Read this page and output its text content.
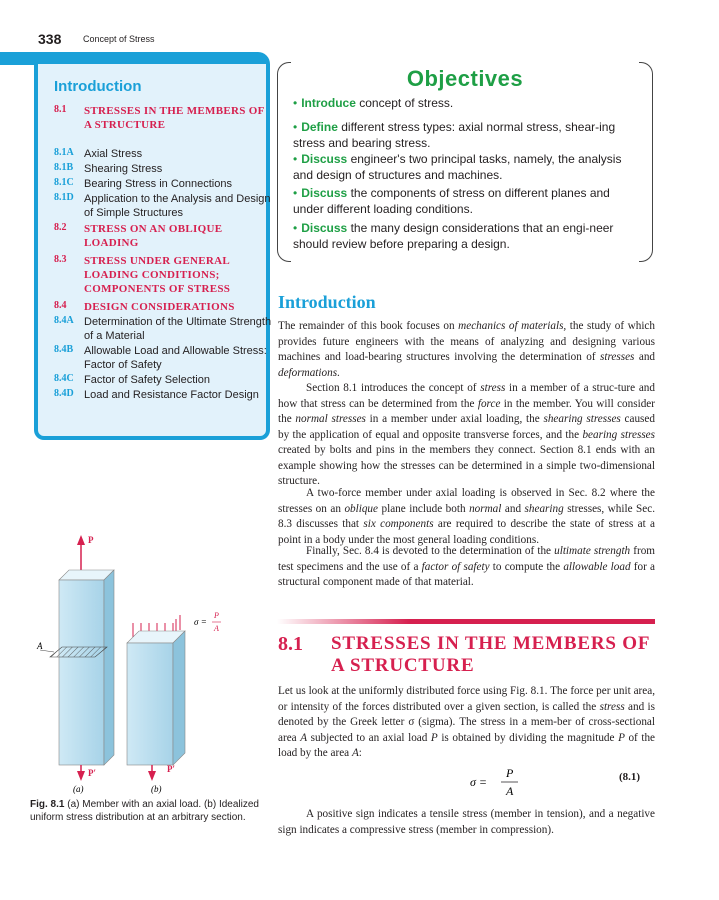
338 Concept of Stress
Introduction
8.1	STRESSES IN THE MEMBERS OF A STRUCTURE
8.1A Axial Stress
8.1B Shearing Stress
8.1C Bearing Stress in Connections
8.1D Application to the Analysis and Design of Simple Structures
8.2	STRESS ON AN OBLIQUE LOADING
8.3	STRESS UNDER GENERAL LOADING CONDITIONS; COMPONENTS OF STRESS
8.4	DESIGN CONSIDERATIONS
8.4A Determination of the Ultimate Strength of a Material
8.4B Allowable Load and Allowable Stress: Factor of Safety
8.4C Factor of Safety Selection
8.4D Load and Resistance Factor Design
Objectives
• Introduce concept of stress.
• Define different stress types: axial normal stress, shear-ing stress and bearing stress.
• Discuss engineer's two principal tasks, namely, the analysis and design of structures and machines.
• Discuss the components of stress on different planes and under different loading conditions.
• Discuss the many design considerations that an engi-neer should review before preparing a design.
Introduction
The remainder of this book focuses on mechanics of materials, the study of which provides future engineers with the means of analyzing and designing various machines and load-bearing structures involving the determination of stresses and deformations.
Section 8.1 introduces the concept of stress in a member of a struc-ture and how that stress can be determined from the force in the member. You will consider the normal stresses in a member under axial loading, the shearing stresses caused by the application of equal and opposite transverse forces, and the bearing stresses created by bolts and pins in the members they connect. Section 8.1 ends with an example showing how the stresses can be determined in a simple two-dimensional structure.
A two-force member under axial loading is observed in Sec. 8.2 where the stresses on an oblique plane include both normal and shearing stresses, while Sec. 8.3 discusses that six components are required to describe the state of stress at a point in a body under the most general loading conditions.
Finally, Sec. 8.4 is devoted to the determination of the ultimate strength from test specimens and the use of a factor of safety to compute the allowable load for a structural component made of that material.
8.1 STRESSES IN THE MEMBERS OF A STRUCTURE
Let us look at the uniformly distributed force using Fig. 8.1. The force per unit area, or intensity of the forces distributed over a given section, is called the stress and is denoted by the Greek letter σ (sigma). The stress in a mem-ber of cross-sectional area A subjected to an axial load P is obtained by dividing the magnitude P of the load by the area A:
σ =
P
A
(8.1)
A positive sign indicates a tensile stress (member in tension), and a negative sign indicates a compressive stress (member in compression).
P
A
P′
(a)
σ =
P
A
P′
(b)
Fig. 8.1 (a) Member with an axial load. (b) Idealized uniform stress distribution at an arbitrary section.
